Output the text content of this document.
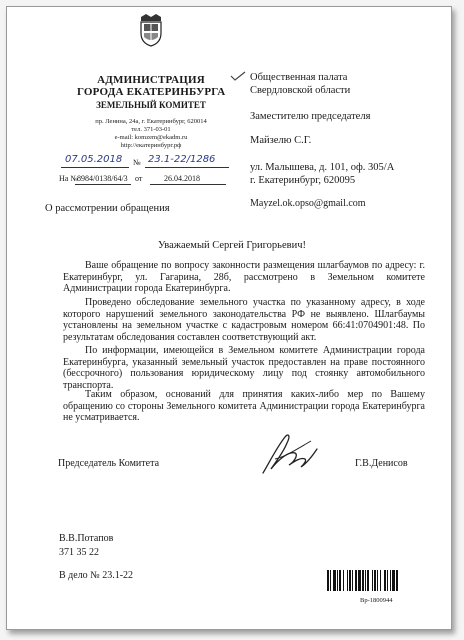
АДМИНИСТРАЦИЯ
ГОРОДА ЕКАТЕРИНБУРГА
ЗЕМЕЛЬНЫЙ КОМИТЕТ
пр. Ленина, 24а, г. Екатеринбург, 620014
тел. 371-03-01
e-mail: komzem@ekadm.ru
http://екатеринбург.рф
07.05.2018 № 23.1-22/1286
На № 8984/0138/64/3 от	26.04.2018
Общественная палата
Свердловской области
Заместителю председателя
Майзелю С.Г.
ул. Малышева, д. 101, оф. 305/А
г. Екатеринбург, 620095
Mayzel.ok.opso@gmail.com
О рассмотрении обращения
Уважаемый Сергей Григорьевич!
Ваше обращение по вопросу законности размещения шлагбаумов по адресу: г. Екатеринбург, ул. Гагарина, 28б, рассмотрено в Земельном комитете Администрации города Екатеринбурга.
Проведено обследование земельного участка по указанному адресу, в ходе которого нарушений земельного законодательства РФ не выявлено. Шлагбаумы установлены на земельном участке с кадастровым номером 66:41:0704901:48. По результатам обследования составлен соответствующий акт.
По информации, имеющейся в Земельном комитете Администрации города Екатеринбурга, указанный земельный участок предоставлен на праве постоянного (бессрочного) пользования юридическому лицу под стоянку автомобильного транспорта.
Таким образом, оснований для принятия каких-либо мер по Вашему обращению со стороны Земельного комитета Администрации города Екатеринбурга не усматривается.
Председатель Комитета	Г.В.Денисов
В.В.Потапов
371 35 22
В дело № 23.1-22
Вр-1800944
